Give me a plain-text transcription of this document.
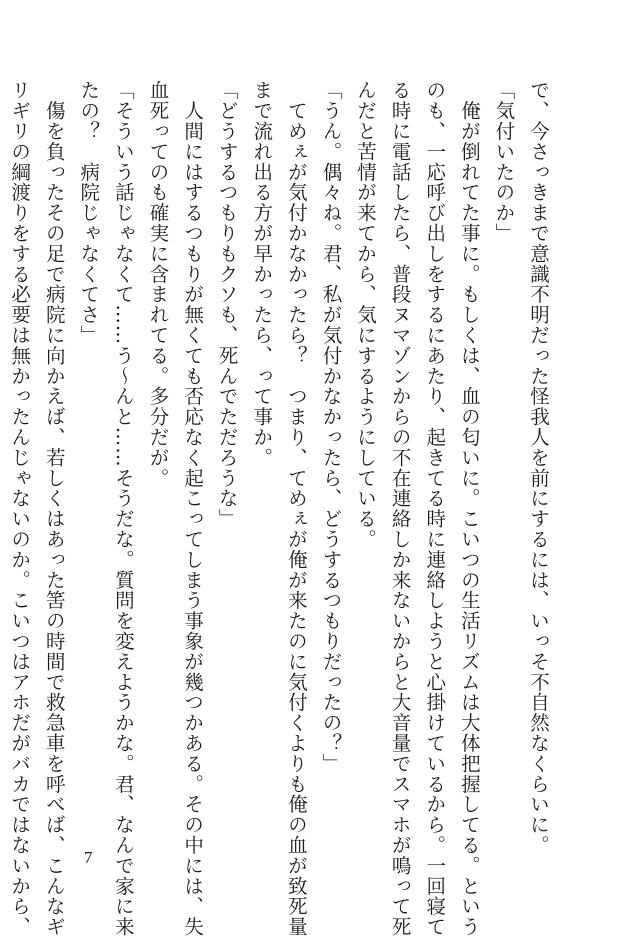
で、今さっきまで意識不明だった怪我人を前にするには、いっそ不自然なくらいに。
「気付いたのか」
　俺が倒れてた事に。もしくは、血の匂いに。こいつの生活リズムは大体把握してる。という
のも、一応呼び出しをするにあたり、起きてる時に連絡しようと心掛けているから。一回寝て
る時に電話したら、普段ヌマゾンからの不在連絡しか来ないからと大音量でスマホが鳴って死
んだと苦情が来てから、気にするようにしている。
「うん。偶々ね。君、私が気付かなかったら、どうするつもりだったの？」
　てめぇが気付かなかったら？　つまり、てめぇが俺が来たのに気付くよりも俺の血が致死量
まで流れ出る方が早かったら、って事か。
「どうするつもりもクソも、死んでただろうな」
　人間にはするつもりが無くても否応なく起こってしまう事象が幾つかある。その中には、失
血死ってのも確実に含まれてる。多分だが。
「そういう話じゃなくて……う～んと……そうだな。質問を変えようかな。君、なんで家に来
たの？　病院じゃなくてさ」
　傷を負ったその足で病院に向かえば、若しくはあった筈の時間で救急車を呼べば、こんなギ
リギリの綱渡りをする必要は無かったんじゃないのか。こいつはアホだがバカではないから、	7
